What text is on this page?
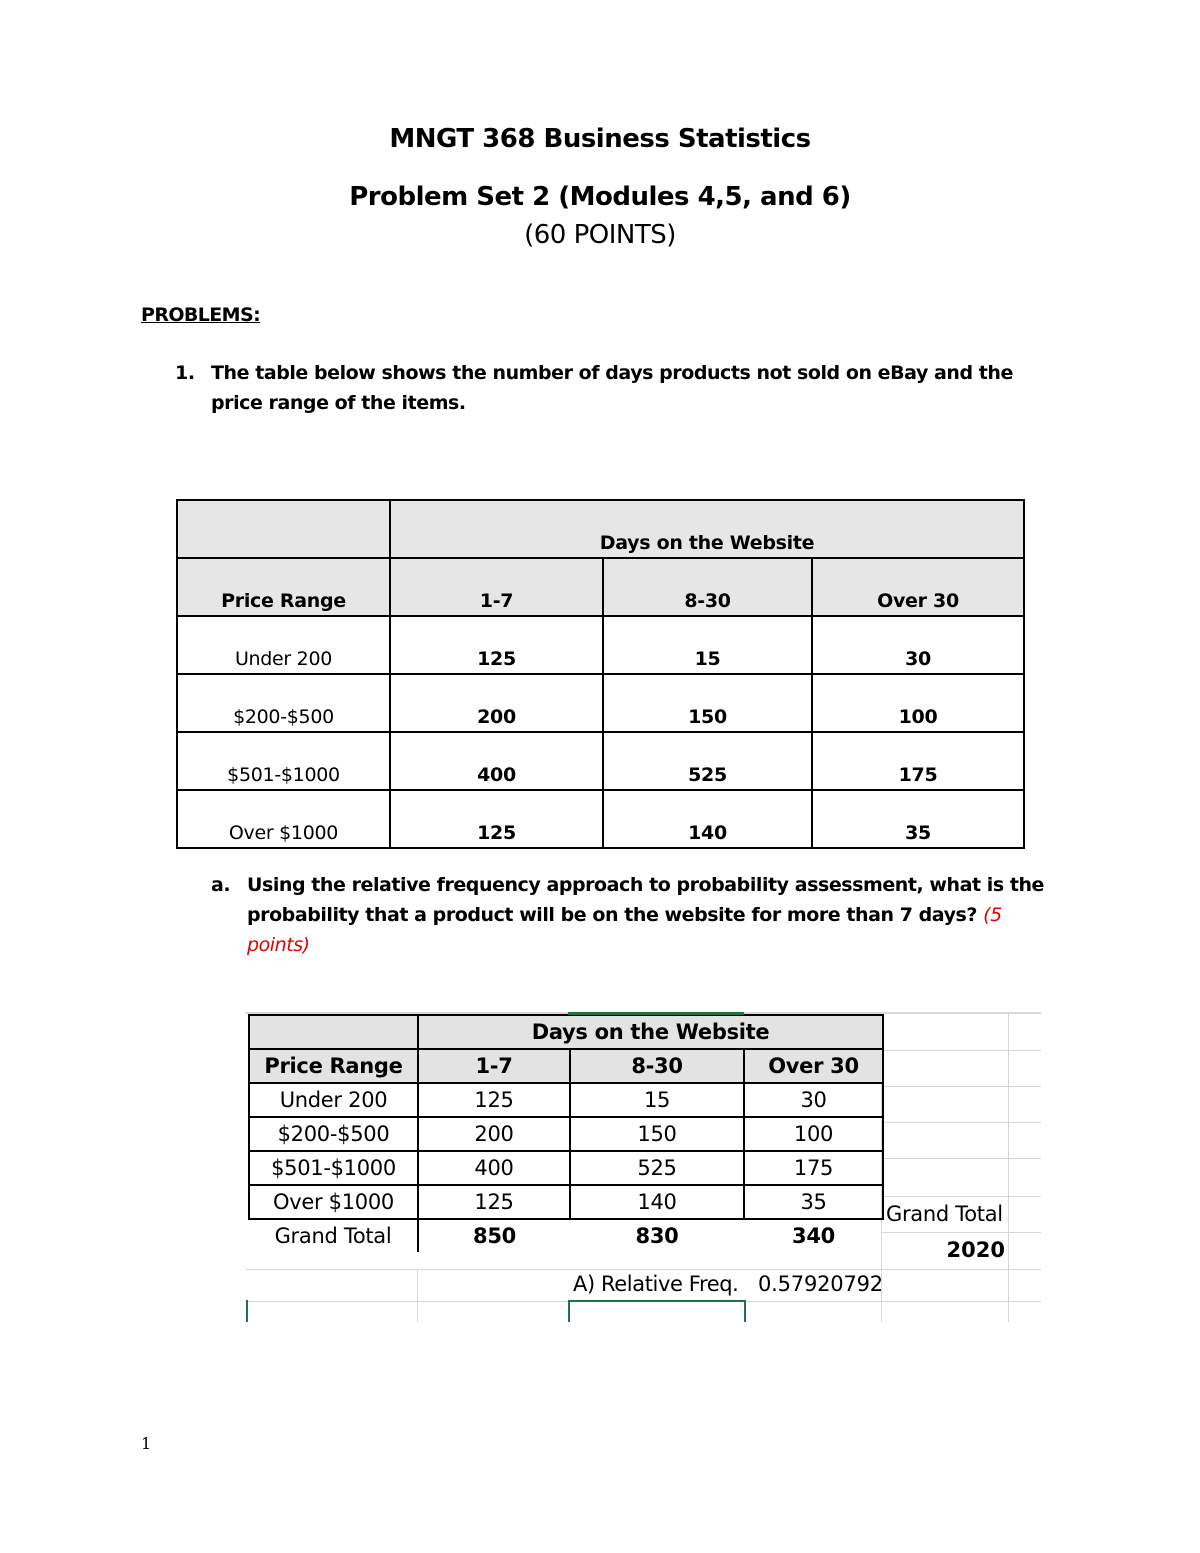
MNGT 368 Business Statistics
Problem Set 2 (Modules 4,5, and 6)
(60 POINTS)
PROBLEMS:
1. The table below shows the number of days products not sold on eBay and the price range of the items.
	Days on the Website		
Price Range	1-7	8-30	Over 30
Under 200	125	15	30
$200-$500	200	150	100
$501-$1000	400	525	175
Over $1000	125	140	35
a. Using the relative frequency approach to probability assessment, what is the probability that a product will be on the website for more than 7 days? (5 points)
	Days on the Website		
Price Range	1-7	8-30	Over 30
Under 200	125	15	30
$200-$500	200	150	100
$501-$1000	400	525	175
Over $1000	125	140	35
Grand Total	850	830	340
Grand Total
2020
A) Relative Freq. 0.57920792
1
